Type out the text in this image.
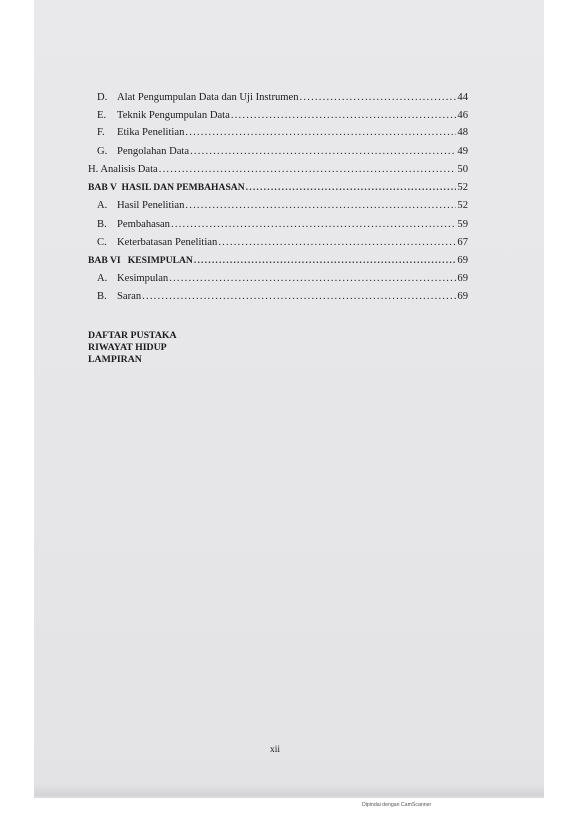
D. Alat Pengumpulan Data dan Uji Instrumen .....	44
E. Teknik Pengumpulan Data .....	46
F. Etika Penelitian .....	48
G. Pengolahan Data .....	49
H. Analisis Data .....	50
BAB V  HASIL DAN PEMBAHASAN .....	52
A. Hasil Penelitian .....	52
B. Pembahasan .....	59
C. Keterbatasan Penelitian .....	67
BAB VI   KESIMPULAN .....	69
A. Kesimpulan .....	69
B. Saran .....	69
DAFTAR PUSTAKA
RIWAYAT HIDUP
LAMPIRAN
xii
Dipindai dengan CamScanner
